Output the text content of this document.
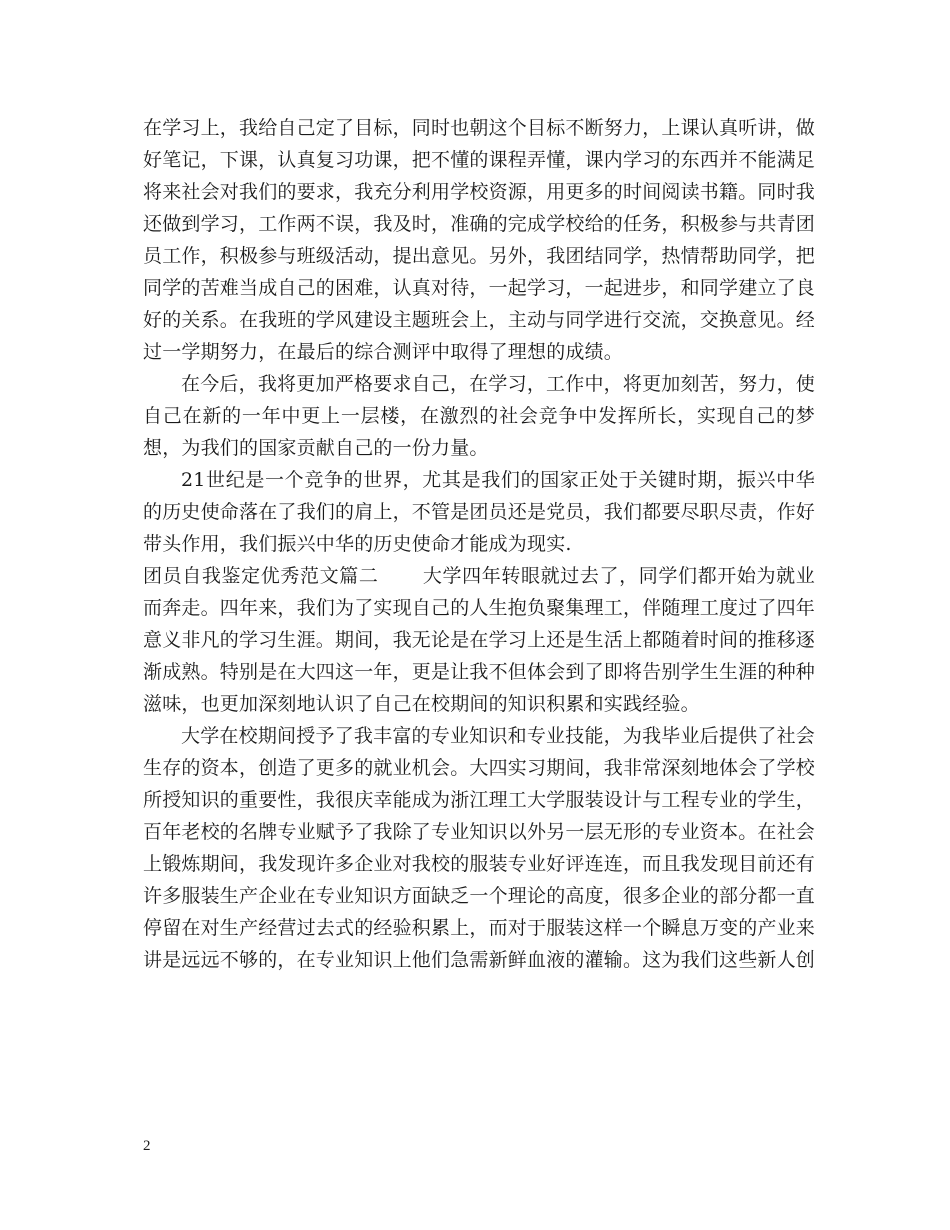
在学习上，我给自己定了目标，同时也朝这个目标不断努力，上课认真听讲，做好笔记，下课，认真复习功课，把不懂的课程弄懂，课内学习的东西并不能满足将来社会对我们的要求，我充分利用学校资源，用更多的时间阅读书籍。同时我还做到学习，工作两不误，我及时，准确的完成学校给的任务，积极参与共青团员工作，积极参与班级活动，提出意见。另外，我团结同学，热情帮助同学，把同学的苦难当成自己的困难，认真对待，一起学习，一起进步，和同学建立了良好的关系。在我班的学风建设主题班会上，主动与同学进行交流，交换意见。经过一学期努力，在最后的综合测评中取得了理想的成绩。

在今后，我将更加严格要求自己，在学习，工作中，将更加刻苦，努力，使自己在新的一年中更上一层楼，在激烈的社会竞争中发挥所长，实现自己的梦想，为我们的国家贡献自己的一份力量。

21世纪是一个竞争的世界，尤其是我们的国家正处于关键时期，振兴中华的历史使命落在了我们的肩上，不管是团员还是党员，我们都要尽职尽责，作好带头作用，我们振兴中华的历史使命才能成为现实.

团员自我鉴定优秀范文篇二 大学四年转眼就过去了，同学们都开始为就业而奔走。四年来，我们为了实现自己的人生抱负聚集理工，伴随理工度过了四年意义非凡的学习生涯。期间，我无论是在学习上还是生活上都随着时间的推移逐渐成熟。特别是在大四这一年，更是让我不但体会到了即将告别学生生涯的种种滋味，也更加深刻地认识了自己在校期间的知识积累和实践经验。

大学在校期间授予了我丰富的专业知识和专业技能，为我毕业后提供了社会生存的资本，创造了更多的就业机会。大四实习期间，我非常深刻地体会了学校所授知识的重要性，我很庆幸能成为浙江理工大学服装设计与工程专业的学生，百年老校的名牌专业赋予了我除了专业知识以外另一层无形的专业资本。在社会上锻炼期间，我发现许多企业对我校的服装专业好评连连，而且我发现目前还有许多服装生产企业在专业知识方面缺乏一个理论的高度，很多企业的部分都一直停留在对生产经营过去式的经验积累上，而对于服装这样一个瞬息万变的产业来讲是远远不够的，在专业知识上他们急需新鲜血液的灌输。这为我们这些新人创

2
